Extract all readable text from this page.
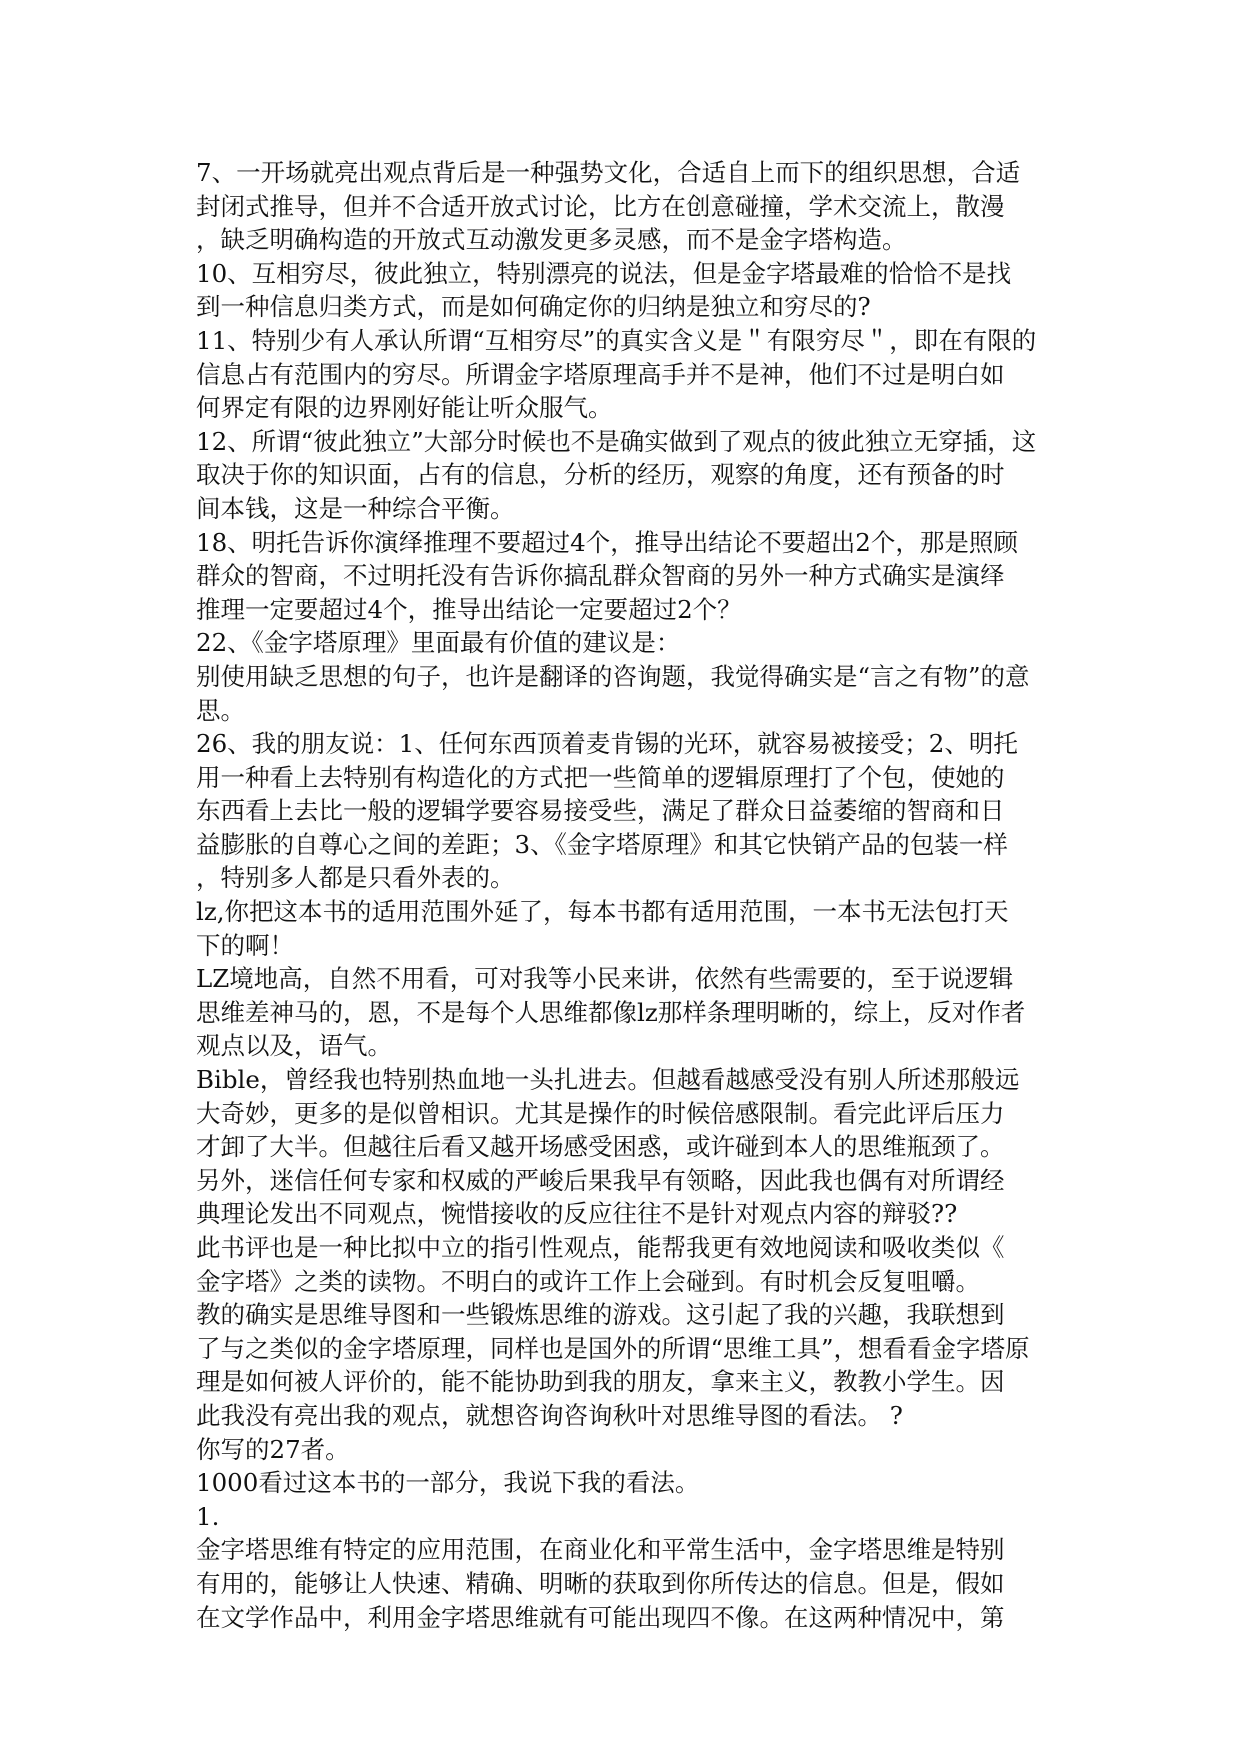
7、一开场就亮出观点背后是一种强势文化，合适自上而下的组织思想，合适
封闭式推导，但并不合适开放式讨论，比方在创意碰撞，学术交流上，散漫
，缺乏明确构造的开放式互动激发更多灵感，而不是金字塔构造。
10、互相穷尽，彼此独立，特别漂亮的说法，但是金字塔最难的恰恰不是找
到一种信息归类方式，而是如何确定你的归纳是独立和穷尽的?
11、特别少有人承认所谓“互相穷尽”的真实含义是＂有限穷尽＂，即在有限的
信息占有范围内的穷尽。所谓金字塔原理高手并不是神，他们不过是明白如
何界定有限的边界刚好能让听众服气。
12、所谓“彼此独立”大部分时候也不是确实做到了观点的彼此独立无穿插，这
取决于你的知识面，占有的信息，分析的经历，观察的角度，还有预备的时
间本钱，这是一种综合平衡。
18、明托告诉你演绎推理不要超过4个，推导出结论不要超出2个，那是照顾
群众的智商，不过明托没有告诉你搞乱群众智商的另外一种方式确实是演绎
推理一定要超过4个，推导出结论一定要超过2个？
22、《金字塔原理》里面最有价值的建议是：
别使用缺乏思想的句子，也许是翻译的咨询题，我觉得确实是“言之有物”的意
思。
26、我的朋友说：1、任何东西顶着麦肯锡的光环，就容易被接受；2、明托
用一种看上去特别有构造化的方式把一些简单的逻辑原理打了个包，使她的
东西看上去比一般的逻辑学要容易接受些，满足了群众日益萎缩的智商和日
益膨胀的自尊心之间的差距；3、《金字塔原理》和其它快销产品的包装一样
，特别多人都是只看外表的。
lz,你把这本书的适用范围外延了，每本书都有适用范围，一本书无法包打天
下的啊！
LZ境地高，自然不用看，可对我等小民来讲，依然有些需要的，至于说逻辑
思维差神马的，恩，不是每个人思维都像lz那样条理明晰的，综上，反对作者
观点以及，语气。
Bible，曾经我也特别热血地一头扎进去。但越看越感受没有别人所述那般远
大奇妙，更多的是似曾相识。尤其是操作的时候倍感限制。看完此评后压力
才卸了大半。但越往后看又越开场感受困惑，或许碰到本人的思维瓶颈了。
另外，迷信任何专家和权威的严峻后果我早有领略，因此我也偶有对所谓经
典理论发出不同观点，惋惜接收的反应往往不是针对观点内容的辩驳??
此书评也是一种比拟中立的指引性观点，能帮我更有效地阅读和吸收类似《
金字塔》之类的读物。不明白的或许工作上会碰到。有时机会反复咀嚼。
教的确实是思维导图和一些锻炼思维的游戏。这引起了我的兴趣，我联想到
了与之类似的金字塔原理，同样也是国外的所谓“思维工具”，想看看金字塔原
理是如何被人评价的，能不能协助到我的朋友，拿来主义，教教小学生。因
此我没有亮出我的观点，就想咨询咨询秋叶对思维导图的看法。 ?
你写的27者。
1000看过这本书的一部分，我说下我的看法。
1.
金字塔思维有特定的应用范围，在商业化和平常生活中，金字塔思维是特别
有用的，能够让人快速、精确、明晰的获取到你所传达的信息。但是，假如
在文学作品中，利用金字塔思维就有可能出现四不像。在这两种情况中，第
